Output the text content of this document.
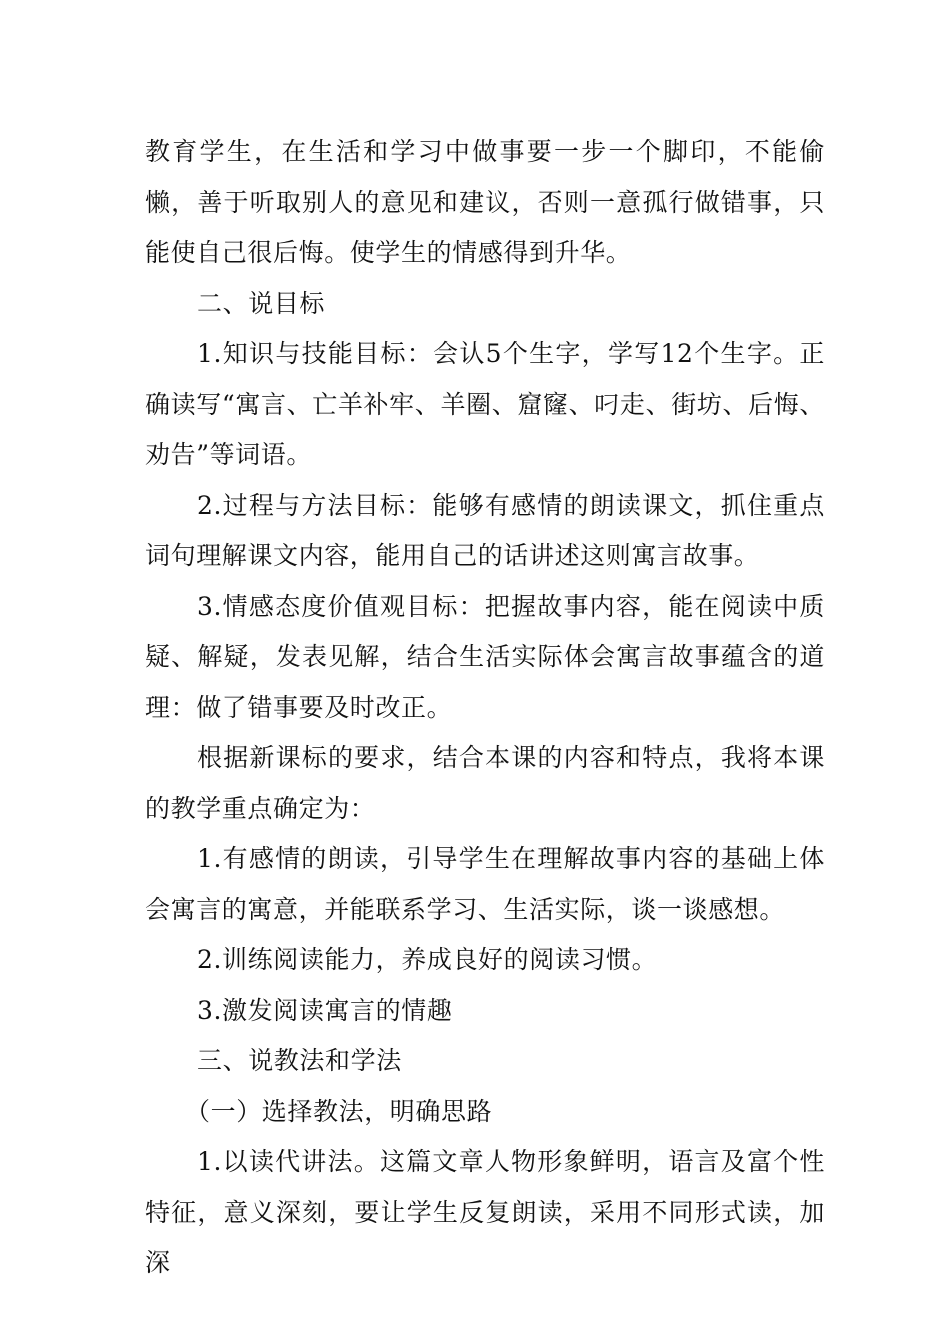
教育学生，在生活和学习中做事要一步一个脚印，不能偷懒，善于听取别人的意见和建议，否则一意孤行做错事，只能使自己很后悔。使学生的情感得到升华。

二、说目标

1.知识与技能目标：会认5个生字，学写12个生字。正确读写“寓言、亡羊补牢、羊圈、窟窿、叼走、街坊、后悔、劝告”等词语。

2.过程与方法目标：能够有感情的朗读课文，抓住重点词句理解课文内容，能用自己的话讲述这则寓言故事。

3.情感态度价值观目标：把握故事内容，能在阅读中质疑、解疑，发表见解，结合生活实际体会寓言故事蕴含的道理：做了错事要及时改正。

根据新课标的要求，结合本课的内容和特点，我将本课的教学重点确定为：

1.有感情的朗读，引导学生在理解故事内容的基础上体会寓言的寓意，并能联系学习、生活实际，谈一谈感想。

2.训练阅读能力，养成良好的阅读习惯。

3.激发阅读寓言的情趣

三、说教法和学法

（一）选择教法，明确思路

1.以读代讲法。这篇文章人物形象鲜明，语言及富个性特征，意义深刻，要让学生反复朗读，采用不同形式读，加深
